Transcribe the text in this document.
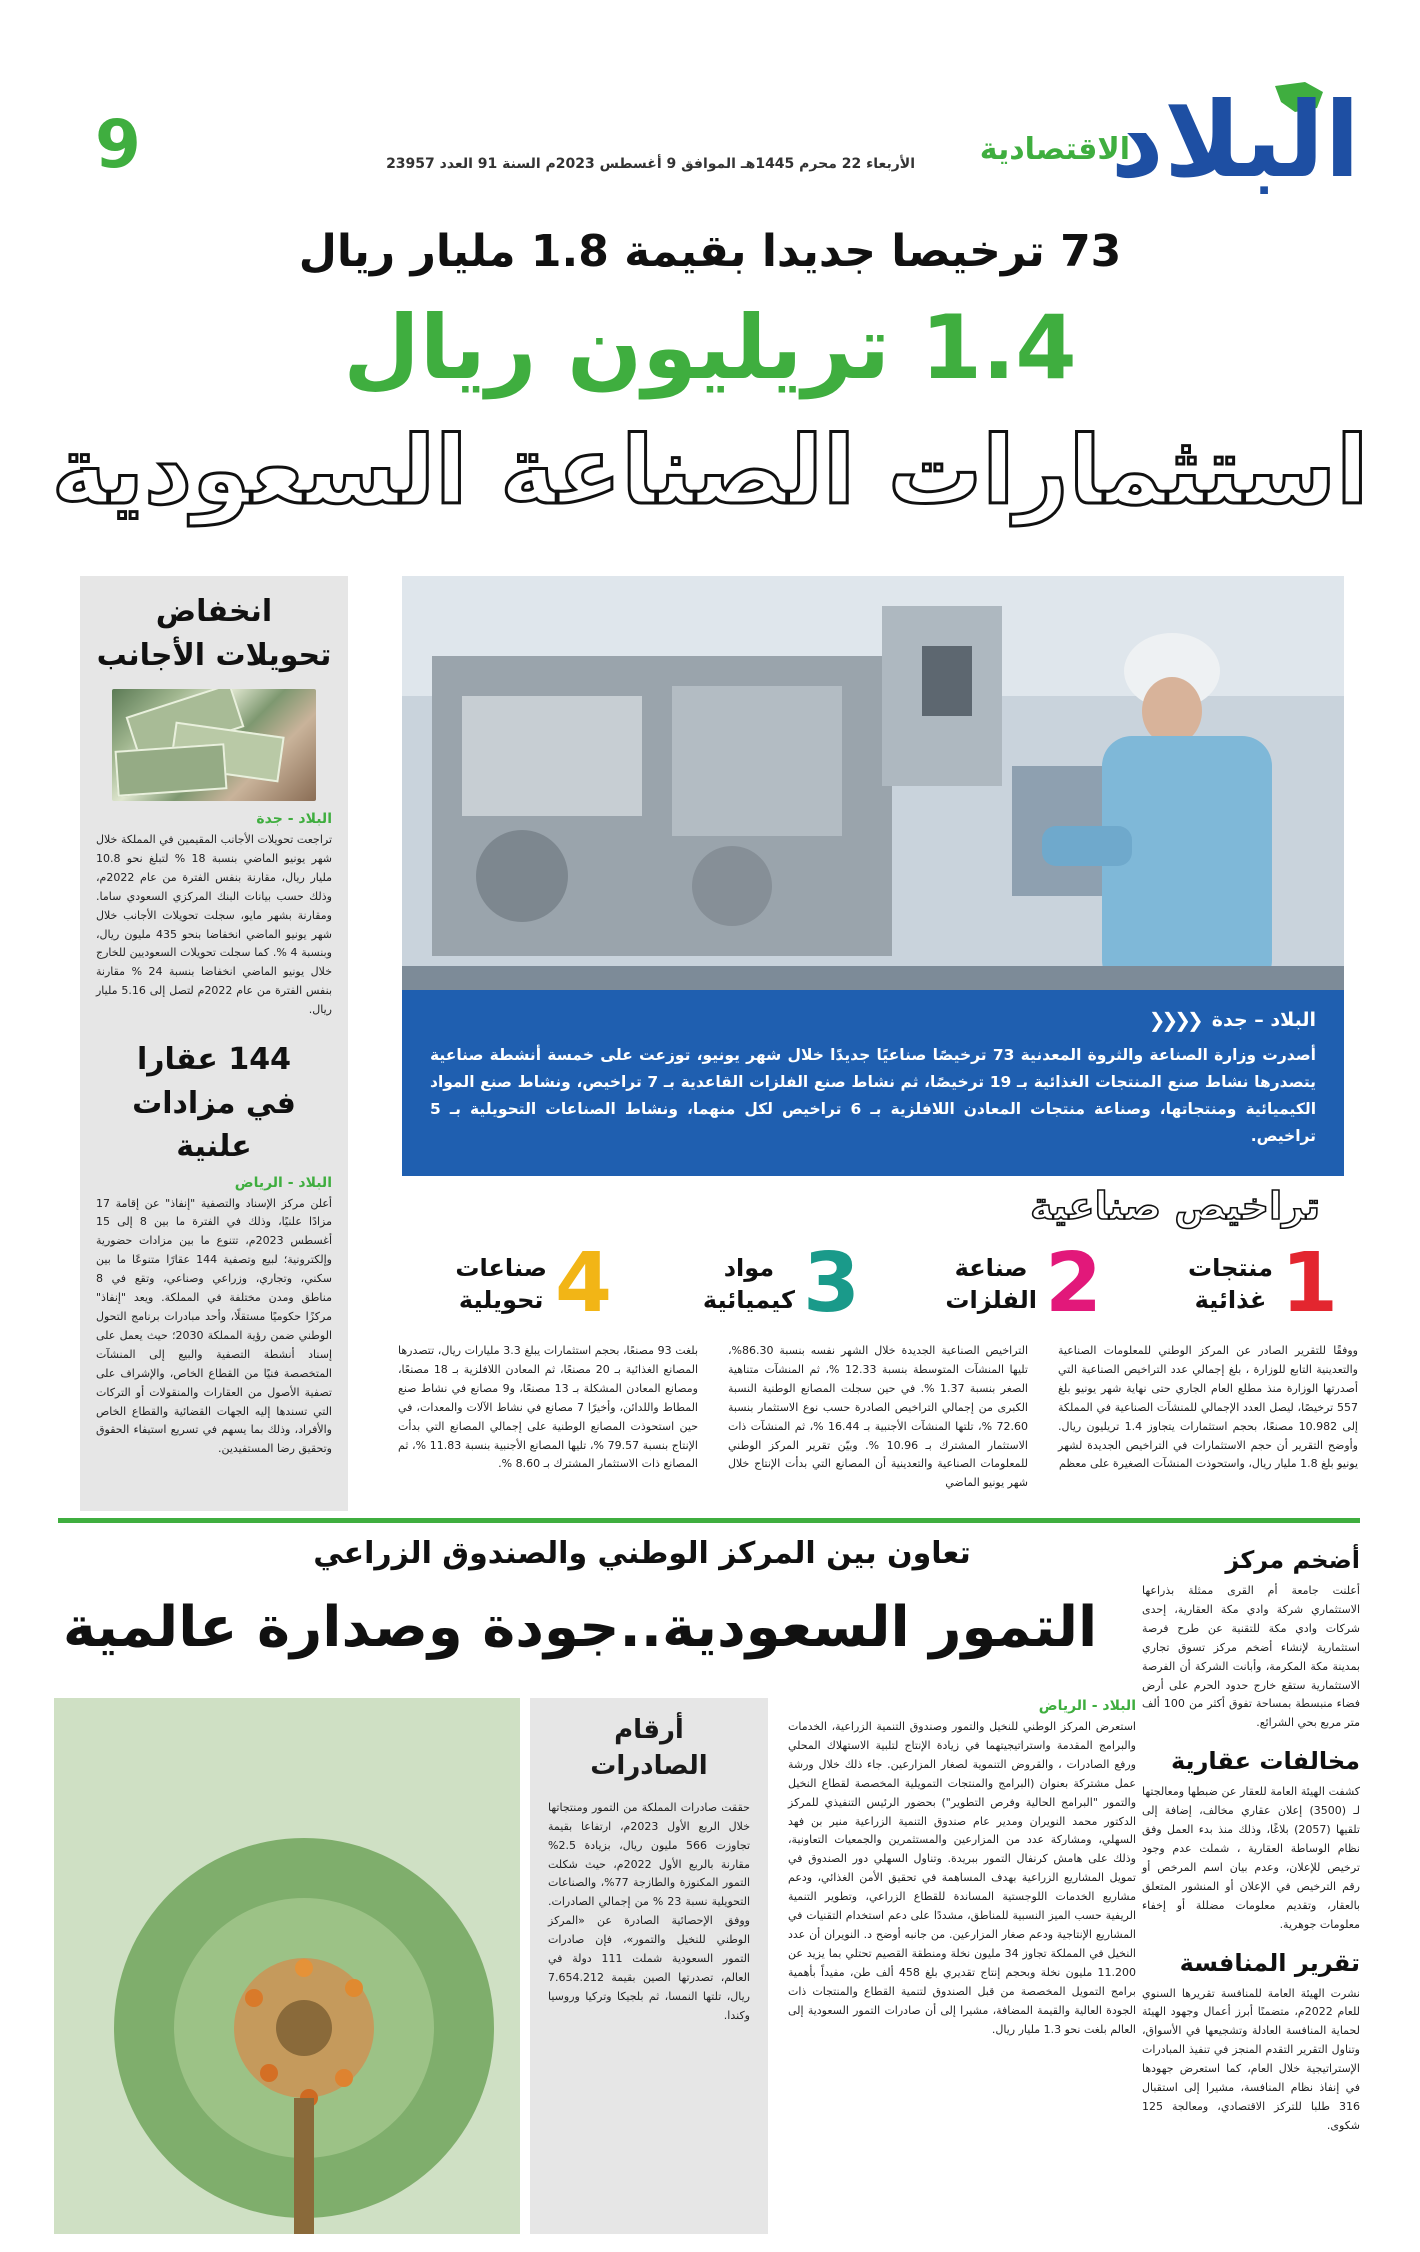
البلاد
الاقتصادية
الأربعاء 22 محرم 1445هـ الموافق 9 أغسطس 2023م السنة 91 العدد 23957
9
73 ترخيصا جديدا بقيمة 1.8 مليار ريال
1.4 تريليون ريال
استثمارات الصناعة السعودية
انخفاض
تحويلات الأجانب
البلاد - جدة

تراجعت تحويلات الأجانب المقيمين في المملكة خلال شهر يونيو الماضي بنسبة 18 % لتبلغ نحو 10.8 مليار ريال، مقارنة بنفس الفترة من عام 2022م، وذلك حسب بيانات البنك المركزي السعودي ساما. ومقارنة بشهر مايو، سجلت تحويلات الأجانب خلال شهر يونيو الماضي انخفاضا بنحو 435 مليون ريال، وبنسبة 4 %. كما سجلت تحويلات السعوديين للخارج خلال يونيو الماضي انخفاضا بنسبة 24 % مقارنة بنفس الفترة من عام 2022م لتصل إلى 5.16 مليار ريال.

144 عقارا
في مزادات علنية
البلاد - الرياض

أعلن مركز الإسناد والتصفية "إنفاذ" عن إقامة 17 مزادًا علنيًا، وذلك في الفترة ما بين 8 إلى 15 أغسطس 2023م، تتنوع ما بين مزادات حضورية وإلكترونية؛ لبيع وتصفية 144 عقارًا متنوعًا ما بين سكني، وتجاري، وزراعي وصناعي، وتقع في 8 مناطق ومدن مختلفة في المملكة. ويعد "إنفاذ" مركزًا حكوميًا مستقلًا، وأحد مبادرات برنامج التحول الوطني ضمن رؤية المملكة 2030؛ حيث يعمل على إسناد أنشطة التصفية والبيع إلى المنشآت المتخصصة فنيًا من القطاع الخاص، والإشراف على تصفية الأصول من العقارات والمنقولات أو التركات التي تسندها إليه الجهات القضائية والقطاع الخاص والأفراد، وذلك بما يسهم في تسريع استيفاء الحقوق وتحقيق رضا المستفيدين.

البلاد – جدة
❮❮❮❮
أصدرت وزارة الصناعة والثروة المعدنية 73 ترخيصًا صناعيًا جديدًا خلال شهر يونيو، توزعت على خمسة أنشطة صناعية يتصدرها نشاط صنع المنتجات الغذائية بـ 19 ترخيصًا، ثم نشاط صنع الفلزات القاعدية بـ 7 تراخيص، ونشاط صنع المواد الكيميائية ومنتجاتها، وصناعة منتجات المعادن اللافلزية بـ 6 تراخيص لكل منهما، ونشاط الصناعات التحويلية بـ 5 تراخيص.
تراخيص صناعية
1
منتجات
غذائية
2
صناعة
الفلزات
3
مواد
كيميائية
4
صناعات
تحويلية

ووفقًا للتقرير الصادر عن المركز الوطني للمعلومات الصناعية والتعدينية التابع للوزارة ، بلغ إجمالي عدد التراخيص الصناعية التي أصدرتها الوزارة منذ مطلع العام الجاري حتى نهاية شهر يونيو بلغ 557 ترخيصًا، ليصل العدد الإجمالي للمنشآت الصناعية في المملكة إلى 10.982 مصنعًا، بحجم استثمارات يتجاوز 1.4 تريليون ريال. وأوضح التقرير أن حجم الاستثمارات في التراخيص الجديدة لشهر يونيو بلغ 1.8 مليار ريال، واستحوذت المنشآت الصغيرة على معظم

التراخيص الصناعية الجديدة خلال الشهر نفسه بنسبة 86.30%، تليها المنشآت المتوسطة بنسبة 12.33 %، ثم المنشآت متناهية الصغر بنسبة 1.37 %. في حين سجلت المصانع الوطنية النسبة الكبرى من إجمالي التراخيص الصادرة حسب نوع الاستثمار بنسبة 72.60 %، تلتها المنشآت الأجنبية بـ 16.44 %، ثم المنشآت ذات الاستثمار المشترك بـ 10.96 %. وبيّن تقرير المركز الوطني للمعلومات الصناعية والتعدينية أن المصانع التي بدأت الإنتاج خلال شهر يونيو الماضي

بلغت 93 مصنعًا، بحجم استثمارات يبلغ 3.3 مليارات ريال، تتصدرها المصانع الغذائية بـ 20 مصنعًا، ثم المعادن اللافلزية بـ 18 مصنعًا، ومصانع المعادن المشكلة بـ 13 مصنعًا، و9 مصانع في نشاط صنع المطاط واللدائن، وأخيرًا 7 مصانع في نشاط الآلات والمعدات، في حين استحوذت المصانع الوطنية على إجمالي المصانع التي بدأت الإنتاج بنسبة 79.57 %، تليها المصانع الأجنبية بنسبة 11.83 %، ثم المصانع ذات الاستثمار المشترك بـ 8.60 %.

أضخم مركز

أعلنت جامعة أم القرى ممثلة بذراعها الاستثماري شركة وادي مكة العقارية، إحدى شركات وادي مكة للتقنية عن طرح فرصة استثمارية لإنشاء أضخم مركز تسوق تجاري بمدينة مكة المكرمة، وأبانت الشركة أن الفرصة الاستثمارية ستقع خارج حدود الحرم على أرض فضاء منبسطة بمساحة تفوق أكثر من 100 ألف متر مربع بحي الشرائع.

مخالفات عقارية

كشفت الهيئة العامة للعقار عن ضبطها ومعالجتها لـ (3500) إعلان عقاري مخالف، إضافة إلى تلقيها (2057) بلاغًا، وذلك منذ بدء العمل وفق نظام الوساطة العقارية ، شملت عدم وجود ترخيص للإعلان، وعدم بيان اسم المرخص أو رقم الترخيص في الإعلان أو المنشور المتعلق بالعقار، وتقديم معلومات مضللة أو إخفاء معلومات جوهرية.

تقرير المنافسة

نشرت الهيئة العامة للمنافسة تقريرها السنوي للعام 2022م، متضمنًا أبرز أعمال وجهود الهيئة لحماية المنافسة العادلة وتشجيعها في الأسواق، وتناول التقرير التقدم المنجز في تنفيذ المبادرات الإستراتيجية خلال العام، كما استعرض جهودها في إنفاذ نظام المنافسة، مشيرا إلى استقبال 316 طلبا للتركز الاقتصادي، ومعالجة 125 شكوى.

تعاون بين المركز الوطني والصندوق الزراعي
التمور السعودية..جودة وصدارة عالمية
البلاد - الرياض

استعرض المركز الوطني للنخيل والتمور وصندوق التنمية الزراعية، الخدمات والبرامج المقدمة واستراتيجيتهما في زيادة الإنتاج لتلبية الاستهلاك المحلي ورفع الصادرات ، والقروض التنموية لصغار المزارعين. جاء ذلك خلال ورشة عمل مشتركة بعنوان (البرامج والمنتجات التمويلية المخصصة لقطاع النخيل والتمور "البرامج الحالية وفرص التطوير") بحضور الرئيس التنفيذي للمركز الدكتور محمد النويران ومدير عام صندوق التنمية الزراعية منير بن فهد السهلي، ومشاركة عدد من المزارعين والمستثمرين والجمعيات التعاونية، وذلك على هامش كرنفال التمور ببريدة. وتناول السهلي دور الصندوق في تمويل المشاريع الزراعية بهدف المساهمة في تحقيق الأمن الغذائي، ودعم مشاريع الخدمات اللوجستية المساندة للقطاع الزراعي، وتطوير التنمية الريفية حسب الميز النسبية للمناطق، مشددًا على دعم استخدام التقنيات في المشاريع الإنتاجية ودعم صغار المزارعين. من جانبه أوضح د. النويران أن عدد النخيل في المملكة تجاوز 34 مليون نخلة ومنطقة القصيم تحتلي بما يزيد عن 11.200 مليون نخلة وبحجم إنتاج تقديري بلغ 458 ألف طن، مفيداً بأهمية برامج التمويل المخصصة من قبل الصندوق لتنمية القطاع والمنتجات ذات الجودة العالية والقيمة المضافة، مشيرا إلى أن صادرات التمور السعودية إلى العالم بلغت نحو 1.3 مليار ريال.

أرقام
الصادرات

حققت صادرات المملكة من التمور ومنتجاتها خلال الربع الأول 2023م، ارتفاعا بقيمة تجاوزت 566 مليون ريال، بزيادة 2.5% مقارنة بالربع الأول 2022م، حيث شكلت التمور المكنوزة والطازجة 77%، والصناعات التحويلية نسبة 23 % من إجمالي الصادرات. ووفق الإحصائية الصادرة عن «المركز الوطني للنخيل والتمور»، فإن صادرات التمور السعودية شملت 111 دولة في العالم، تصدرتها الصين بقيمة 7.654.212 ريال، تلتها النمسا، ثم بلجيكا وتركيا وروسيا وكندا.
